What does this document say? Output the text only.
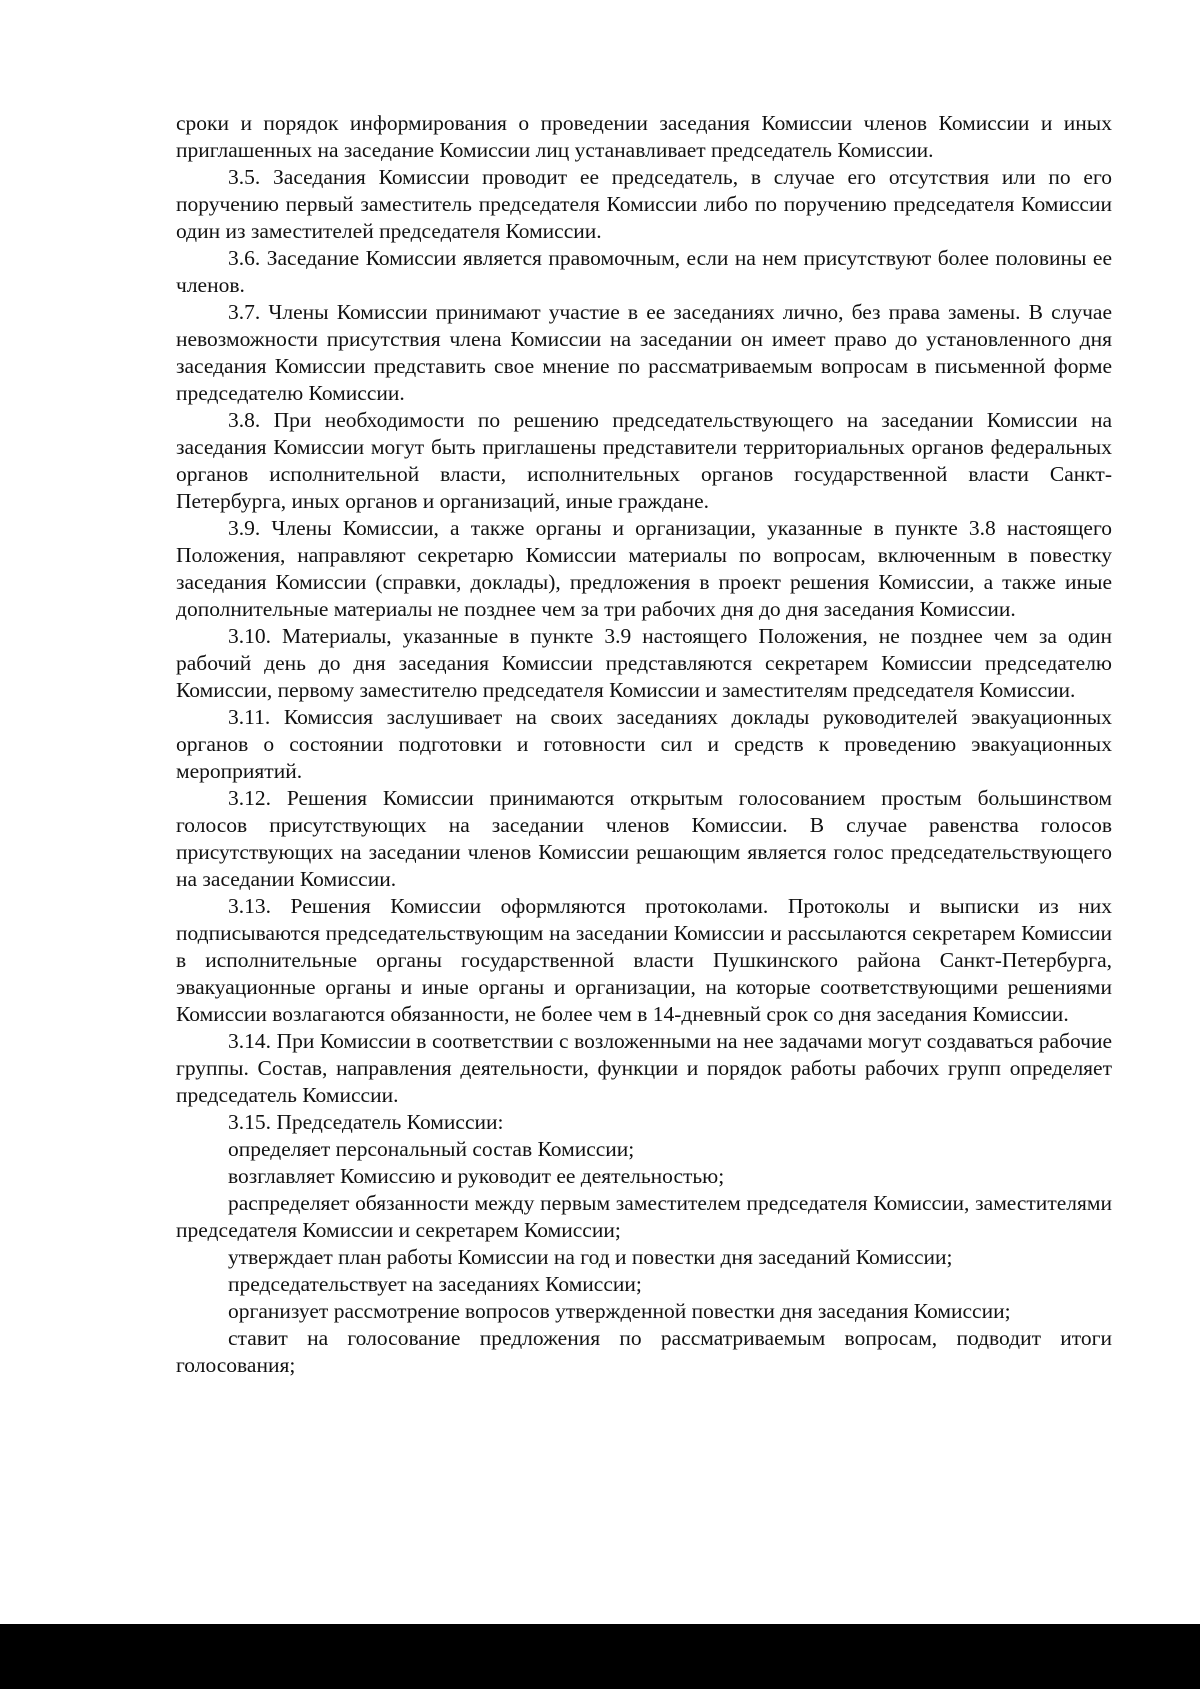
сроки и порядок информирования о проведении заседания Комиссии членов Комиссии и иных приглашенных на заседание Комиссии лиц устанавливает председатель Комиссии.

3.5. Заседания Комиссии проводит ее председатель, в случае его отсутствия или по его поручению первый заместитель председателя Комиссии либо по поручению председателя Комиссии один из заместителей председателя Комиссии.

3.6. Заседание Комиссии является правомочным, если на нем присутствуют более половины ее членов.

3.7. Члены Комиссии принимают участие в ее заседаниях лично, без права замены. В случае невозможности присутствия члена Комиссии на заседании он имеет право до установленного дня заседания Комиссии представить свое мнение по рассматриваемым вопросам в письменной форме председателю Комиссии.

3.8. При необходимости по решению председательствующего на заседании Комиссии на заседания Комиссии могут быть приглашены представители территориальных органов федеральных органов исполнительной власти, исполнительных органов государственной власти Санкт-Петербурга, иных органов и организаций, иные граждане.

3.9. Члены Комиссии, а также органы и организации, указанные в пункте 3.8 настоящего Положения, направляют секретарю Комиссии материалы по вопросам, включенным в повестку заседания Комиссии (справки, доклады), предложения в проект решения Комиссии, а также иные дополнительные материалы не позднее чем за три рабочих дня до дня заседания Комиссии.

3.10. Материалы, указанные в пункте 3.9 настоящего Положения, не позднее чем за один рабочий день до дня заседания Комиссии представляются секретарем Комиссии председателю Комиссии, первому заместителю председателя Комиссии и заместителям председателя Комиссии.

3.11. Комиссия заслушивает на своих заседаниях доклады руководителей эвакуационных органов о состоянии подготовки и готовности сил и средств к проведению эвакуационных мероприятий.

3.12. Решения Комиссии принимаются открытым голосованием простым большинством голосов присутствующих на заседании членов Комиссии. В случае равенства голосов присутствующих на заседании членов Комиссии решающим является голос председательствующего на заседании Комиссии.

3.13. Решения Комиссии оформляются протоколами. Протоколы и выписки из них подписываются председательствующим на заседании Комиссии и рассылаются секретарем Комиссии в исполнительные органы государственной власти Пушкинского района Санкт-Петербурга, эвакуационные органы и иные органы и организации, на которые соответствующими решениями Комиссии возлагаются обязанности, не более чем в 14-дневный срок со дня заседания Комиссии.

3.14. При Комиссии в соответствии с возложенными на нее задачами могут создаваться рабочие группы. Состав, направления деятельности, функции и порядок работы рабочих групп определяет председатель Комиссии.

3.15. Председатель Комиссии:

определяет персональный состав Комиссии;

возглавляет Комиссию и руководит ее деятельностью;

распределяет обязанности между первым заместителем председателя Комиссии, заместителями председателя Комиссии и секретарем Комиссии;

утверждает план работы Комиссии на год и повестки дня заседаний Комиссии;

председательствует на заседаниях Комиссии;

организует рассмотрение вопросов утвержденной повестки дня заседания Комиссии;

ставит на голосование предложения по рассматриваемым вопросам, подводит итоги голосования;
